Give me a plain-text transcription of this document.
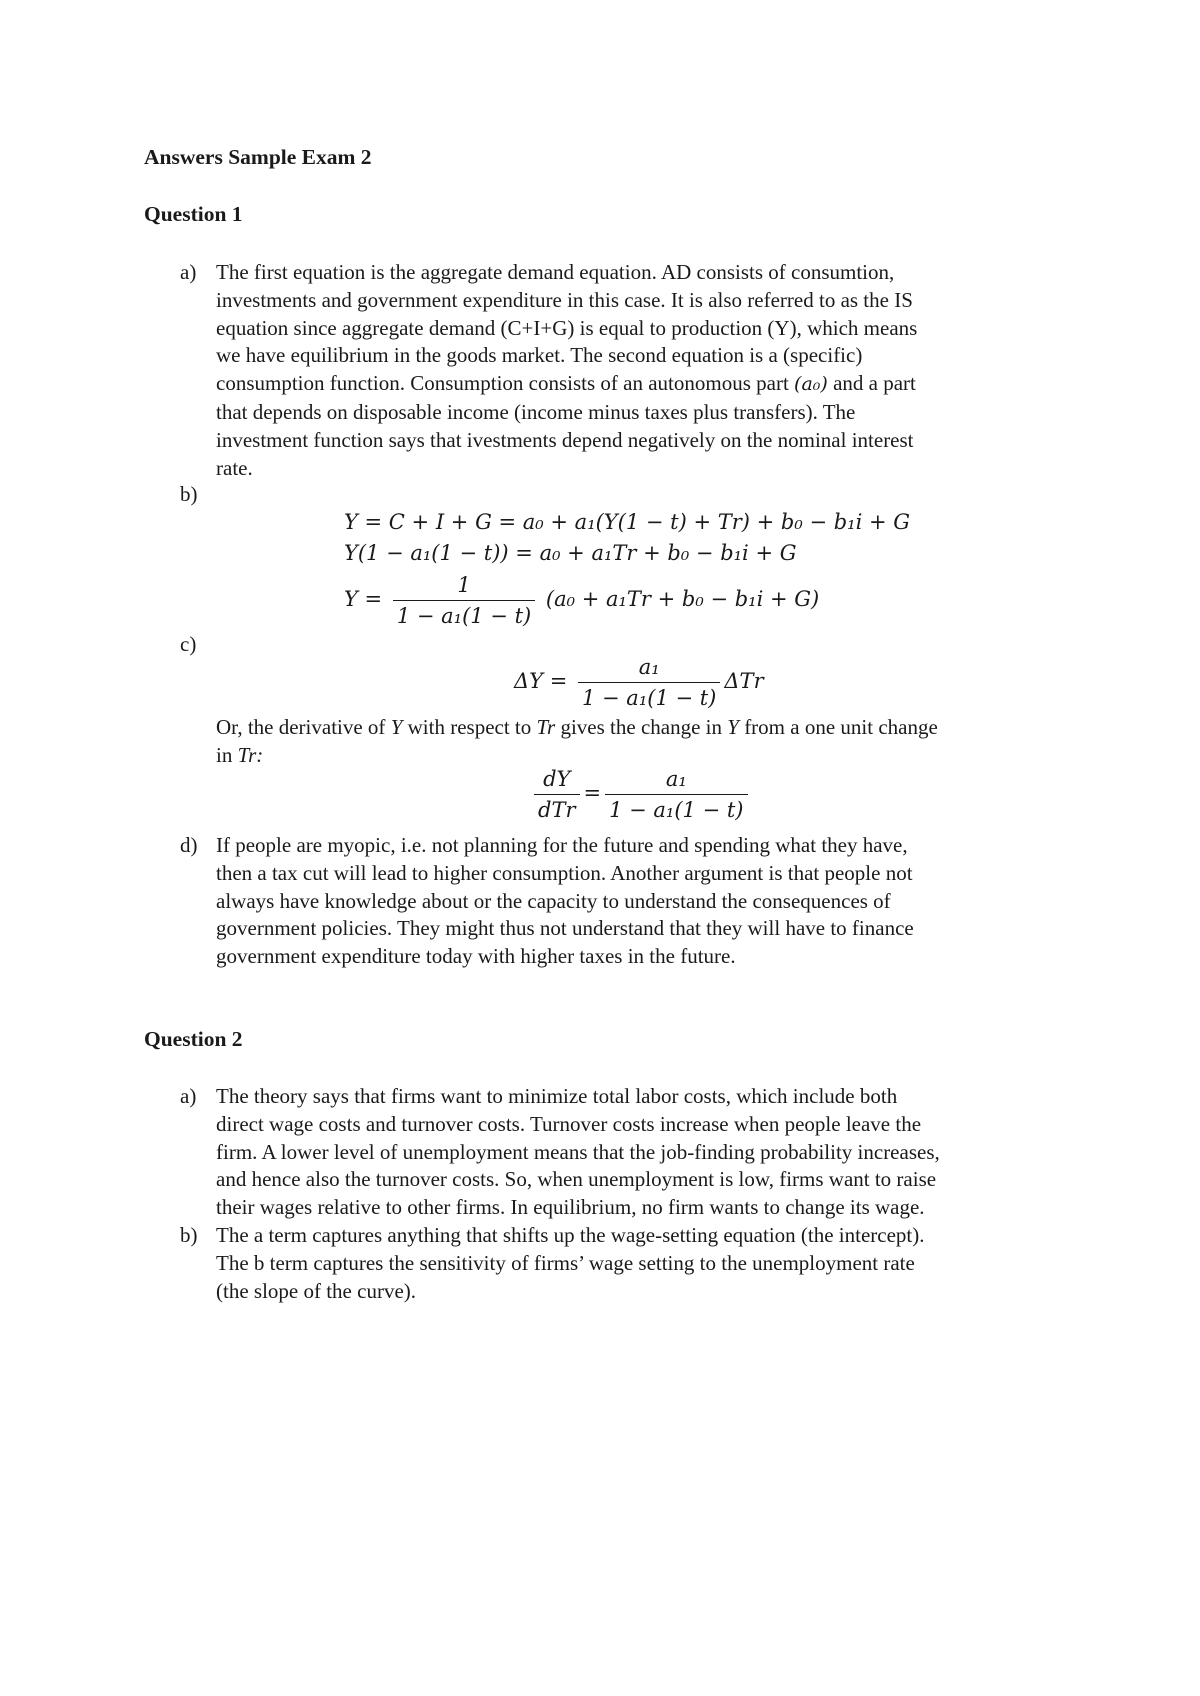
Answers Sample Exam 2
Question 1
a) The first equation is the aggregate demand equation. AD consists of consumtion,
investments and government expenditure in this case. It is also referred to as the IS
equation since aggregate demand (C+I+G) is equal to production (Y), which means
we have equilibrium in the goods market. The second equation is a (specific)
consumption function. Consumption consists of an autonomous part (a₀) and a part
that depends on disposable income (income minus taxes plus transfers). The
investment function says that ivestments depend negatively on the nominal interest
rate.
b)
Y = C + I + G = a₀ + a₁(Y(1 − t) + Tr) + b₀ − b₁i + G
Y(1 − a₁(1 − t)) = a₀ + a₁Tr + b₀ − b₁i + G
$Y = \frac{1}{\text{1 − a₁(1 − t)}} (a_0 + a_1Tr + b_0 - b_1i + G)$
c)
$\Delta Y = \frac{\text{a₁}}{\text{1 − a₁(1 − t)}}$ ΔTr
Or, the derivative of Y with respect to Tr gives the change in Y from a one unit change
in Tr:
$\frac{dY}{\text{dTr}} = \frac{\text{a₁}}{\text{1 − a₁(1 − t)}}$
d) If people are myopic, i.e. not planning for the future and spending what they have,
then a tax cut will lead to higher consumption. Another argument is that people not
always have knowledge about or the capacity to understand the consequences of
government policies. They might thus not understand that they will have to finance
government expenditure today with higher taxes in the future.
Question 2
a) The theory says that firms want to minimize total labor costs, which include both
direct wage costs and turnover costs. Turnover costs increase when people leave the
firm. A lower level of unemployment means that the job-finding probability increases,
and hence also the turnover costs. So, when unemployment is low, firms want to raise
their wages relative to other firms. In equilibrium, no firm wants to change its wage.
b) The a term captures anything that shifts up the wage-setting equation (the intercept).
The b term captures the sensitivity of firms’ wage setting to the unemployment rate
(the slope of the curve).
